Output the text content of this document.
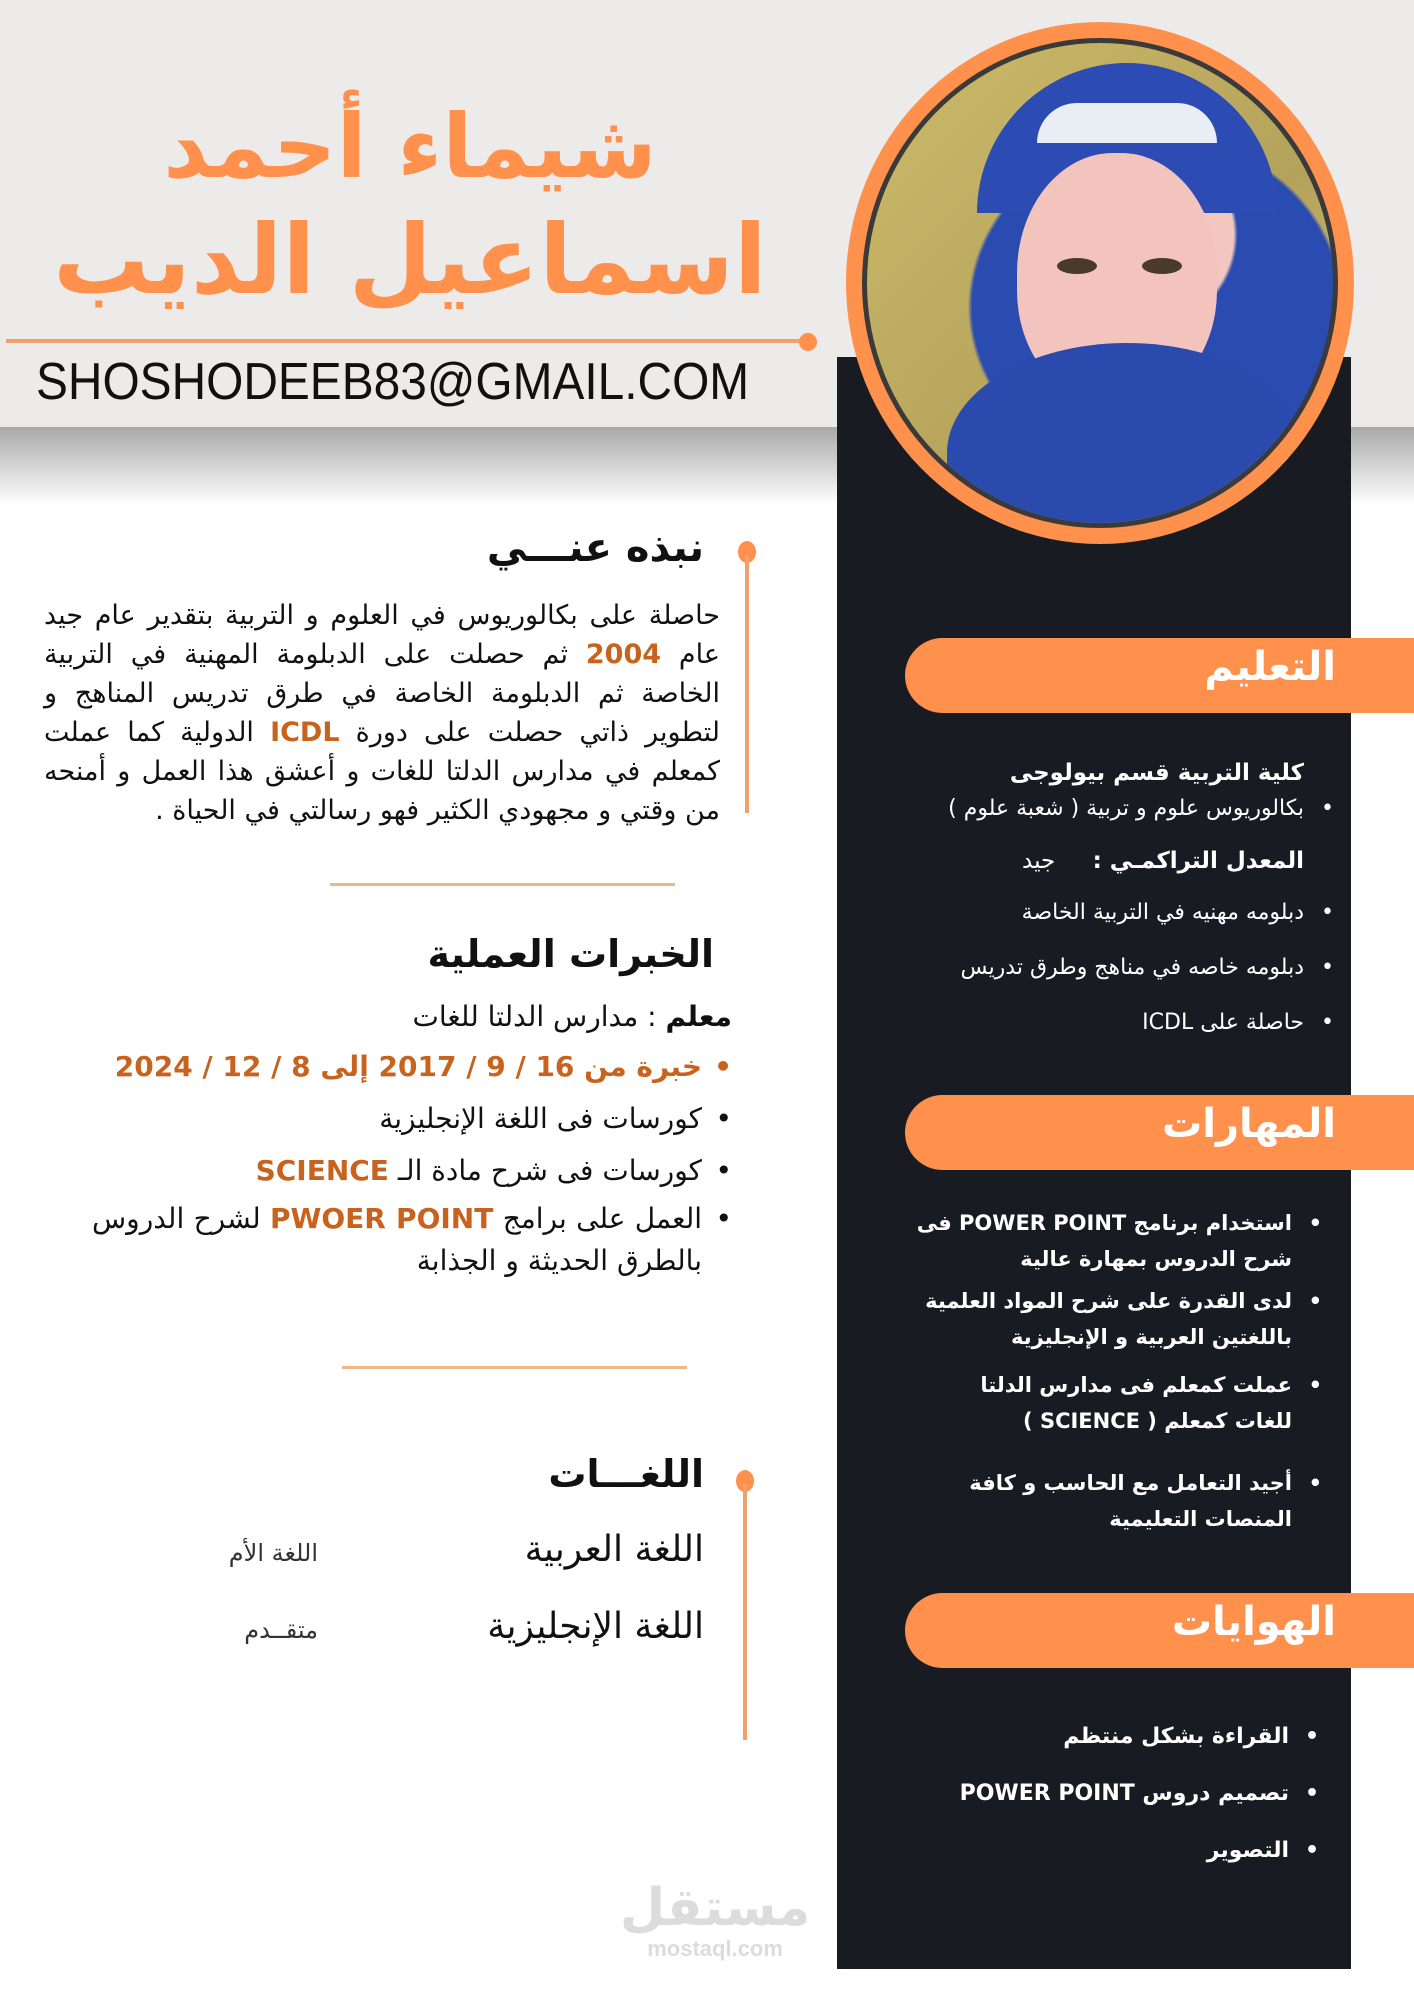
شيماء أحمد
اسماعيل الديب
SHOSHODEEB83@GMAIL.COM
التعليم
كلية التربية قسم بيولوجى
• بكالوريوس علوم و تربية ( شعبة علوم )
المعدل التراكمـي : جيد
• دبلومه مهنيه في التربية الخاصة
• دبلومه خاصه في مناهج وطرق تدريس
• حاصلة على ICDL
المهارات
• استخدام برنامج POWER POINT فى شرح الدروس بمهارة عالية
• لدى القدرة على شرح المواد العلمية باللغتين العربية و الإنجليزية
• عملت كمعلم فى مدارس الدلتا للغات كمعلم ( SCIENCE )
• أجيد التعامل مع الحاسب و كافة المنصات التعليمية
الهوايات
• القراءة بشكل منتظم
• تصميم دروس POWER POINT
• التصوير
نبذه عنـــي
حاصلة على بكالوريوس في العلوم و التربية بتقدير عام جيد عام 2004 ثم حصلت على الدبلومة المهنية في التربية الخاصة ثم الدبلومة الخاصة في طرق تدريس المناهج و لتطوير ذاتي حصلت على دورة ICDL الدولية كما عملت كمعلم في مدارس الدلتا للغات و أعشق هذا العمل و أمنحه من وقتي و مجهودي الكثير فهو رسالتي في الحياة .
الخبرات العملية
معلم : مدارس الدلتا للغات
• خبرة من 16 / 9 / 2017 إلى 8 / 12 / 2024
• كورسات فى اللغة الإنجليزية
• كورسات فى شرح مادة الـ SCIENCE
• العمل على برامج PWOER POINT لشرح الدروس بالطرق الحديثة و الجذابة
اللغـــات
اللغة العربية
اللغة الأم
اللغة الإنجليزية
متقــدم
مستقل
mostaql.com
